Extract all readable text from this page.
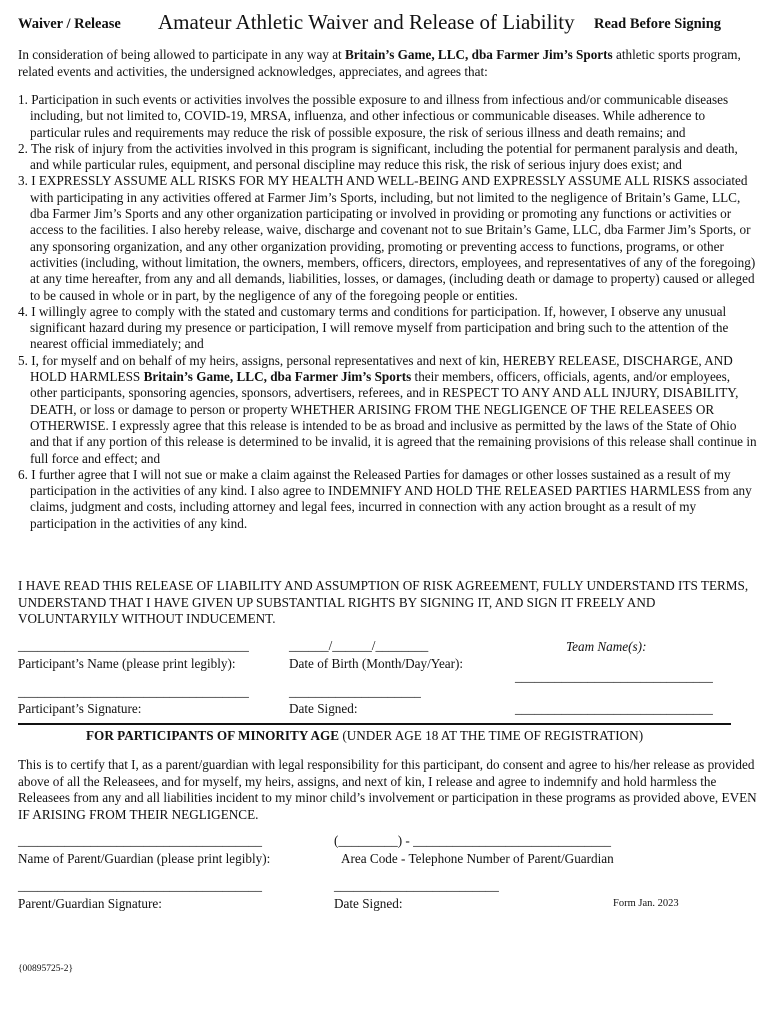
Waiver / Release Amateur Athletic Waiver and Release of Liability Read Before Signing
In consideration of being allowed to participate in any way at Britain’s Game, LLC, dba Farmer Jim’s Sports athletic sports program, related events and activities, the undersigned acknowledges, appreciates, and agrees that:
1. Participation in such events or activities involves the possible exposure to and illness from infectious and/or communicable diseases including, but not limited to, COVID-19, MRSA, influenza, and other infectious or communicable diseases. While adherence to particular rules and requirements may reduce the risk of possible exposure, the risk of serious illness and death remains; and
2. The risk of injury from the activities involved in this program is significant, including the potential for permanent paralysis and death, and while particular rules, equipment, and personal discipline may reduce this risk, the risk of serious injury does exist; and
3. I EXPRESSLY ASSUME ALL RISKS FOR MY HEALTH AND WELL-BEING AND EXPRESSLY ASSUME ALL RISKS associated with participating in any activities offered at Farmer Jim’s Sports, including, but not limited to the negligence of Britain’s Game, LLC, dba Farmer Jim’s Sports and any other organization participating or involved in providing or promoting any functions or activities or access to the facilities. I also hereby release, waive, discharge and covenant not to sue Britain’s Game, LLC, dba Farmer Jim’s Sports, or any sponsoring organization, and any other organization providing, promoting or preventing access to functions, programs, or other activities (including, without limitation, the owners, members, officers, directors, employees, and representatives of any of the foregoing) at any time hereafter, from any and all demands, liabilities, losses, or damages, (including death or damage to property) caused or alleged to be caused in whole or in part, by the negligence of any of the foregoing people or entities.
4. I willingly agree to comply with the stated and customary terms and conditions for participation. If, however, I observe any unusual significant hazard during my presence or participation, I will remove myself from participation and bring such to the attention of the nearest official immediately; and
5. I, for myself and on behalf of my heirs, assigns, personal representatives and next of kin, HEREBY RELEASE, DISCHARGE, AND HOLD HARMLESS Britain’s Game, LLC, dba Farmer Jim’s Sports their members, officers, officials, agents, and/or employees, other participants, sponsoring agencies, sponsors, advertisers, referees, and in RESPECT TO ANY AND ALL INJURY, DISABILITY, DEATH, or loss or damage to person or property WHETHER ARISING FROM THE NEGLIGENCE OF THE RELEASEES OR OTHERWISE. I expressly agree that this release is intended to be as broad and inclusive as permitted by the laws of the State of Ohio and that if any portion of this release is determined to be invalid, it is agreed that the remaining provisions of this release shall continue in full force and effect; and
6. I further agree that I will not sue or make a claim against the Released Parties for damages or other losses sustained as a result of my participation in the activities of any kind. I also agree to INDEMNIFY AND HOLD THE RELEASED PARTIES HARMLESS from any claims, judgment and costs, including attorney and legal fees, incurred in connection with any action brought as a result of my participation in the activities of any kind.
I HAVE READ THIS RELEASE OF LIABILITY AND ASSUMPTION OF RISK AGREEMENT, FULLY UNDERSTAND ITS TERMS, UNDERSTAND THAT I HAVE GIVEN UP SUBSTANTIAL RIGHTS BY SIGNING IT, AND SIGN IT FREELY AND VOLUNTARYILY WITHOUT INDUCEMENT.
___________________________________
Participant’s Name (please print legibly):
______/______/________
Date of Birth (Month/Day/Year):
Team Name(s):
______________________________
___________________________________
Participant’s Signature:
____________________
Date Signed:	______________________________
FOR PARTICIPANTS OF MINORITY AGE (UNDER AGE 18 AT THE TIME OF REGISTRATION)
This is to certify that I, as a parent/guardian with legal responsibility for this participant, do consent and agree to his/her release as provided above of all the Releasees, and for myself, my heirs, assigns, and next of kin, I release and agree to indemnify and hold harmless the Releasees from any and all liabilities incident to my minor child’s involvement or participation in these programs as provided above, EVEN IF ARISING FROM THEIR NEGLIGENCE.
_____________________________________
Name of Parent/Guardian (please print legibly):
(_________) - ______________________________
Area Code - Telephone Number of Parent/Guardian
_____________________________________
Parent/Guardian Signature:
_________________________
Date Signed:	Form Jan. 2023
{00895725-2}
